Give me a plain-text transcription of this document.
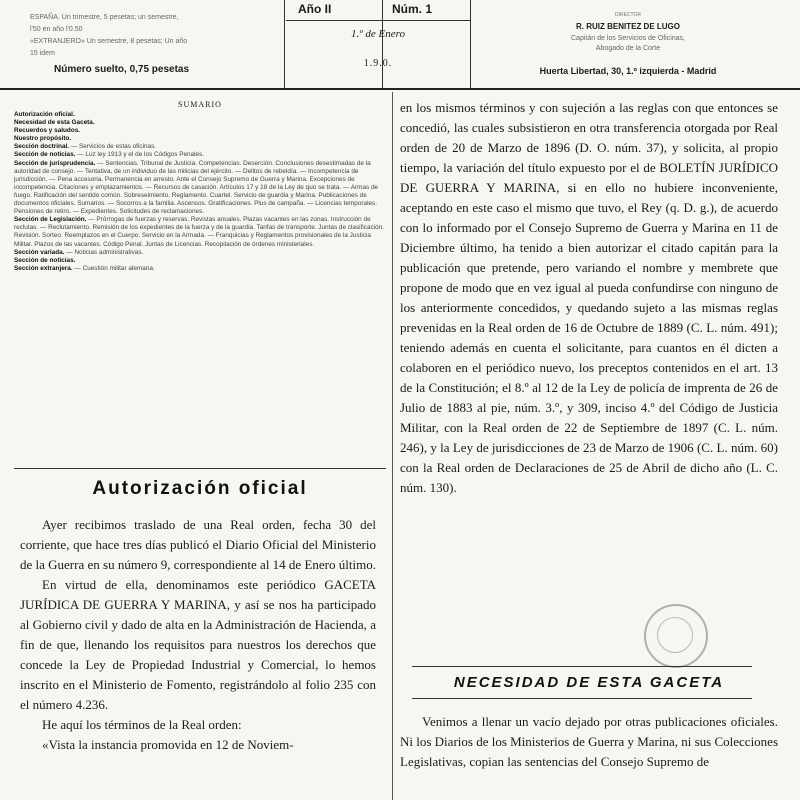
ESPAÑA. Un trimestre, 5 pesetas; un semestre,
l'50 en año l'0.50
«EXTRANJERO» Un semestre, 8 pesetas; Un año
15 idem
Número suelto, 0,75 pesetas
Año II	Núm. 1
1.º de Enero
1.9.0.
DIRECTOR
R. RUIZ BENITEZ DE LUGO
Capitán de los Servicios de Oficinas,
Abogado de la Corte
Huerta Libertad, 30, 1.º izquierda - Madrid
SUMARIO

Autorización oficial.

Necesidad de esta Gaceta.

Recuerdos y saludos.

Nuestro propósito.

Sección doctrinal. — Servicios de estas oficinas.

Sección de noticias. — Luz ley 1913 y el de los Códigos Penales.

Sección de jurisprudencia. — Sentencias. Tribunal de Justicia. Competencias. Deserción. Conclusiones desestimadas de la autoridad de consejo. — Tentativa, de un individuo de las milicias del ejército. — Delitos de rebeldía. — Incompetencia de jurisdicción. — Pena accesoria. Permanencia en arresto. Ante el Consejo Supremo de Guerra y Marina. Excepciones de incompetencia. Citaciones y emplazamientos. — Recursos de casación. Artículos 17 y 18 de la Ley de quo se trata. — Armas de fuego. Ratificación del sentido común. Sobreseimiento. Reglamento. Cuartel. Servicio de guardia y Marina. Publicaciones de documentos oficiales. Sumarios. — Socorros a la familia. Ascensos. Gratificaciones. Plus de campaña. — Licencias temporales. Pensiones de retiro. — Expedientes. Solicitudes de reclamaciones.

Sección de Legislación. — Prórrogas de fuerzas y reservas. Revistas anuales. Plazas vacantes en las zonas. Instrucción de reclutas. — Reclutamiento. Remisión de los expedientes de la fuerza y de la guardia. Tarifas de transporte. Juntas de clasificación. Revisión. Sorteo. Reemplazos en el Cuerpo. Servicio en la Armada. — Franquicias y Reglamentos provisionales de la Justicia Militar. Plazos de las vacantes. Código Penal. Juntas de Licencias. Recopilación de órdenes ministeriales.

Sección variada. — Noticias administrativas.

Sección de noticias.

Sección extranjera. — Cuestión militar alemana.

Autorización oficial

Ayer recibimos traslado de una Real orden, fecha 30 del corriente, que hace tres días publicó el Diario Oficial del Ministerio de la Guerra en su número 9, correspondiente al 14 de Enero último.

En virtud de ella, denominamos este periódico GACETA JURÍDICA DE GUERRA Y MARINA, y así se nos ha participado al Gobierno civil y dado de alta en la Administración de Hacienda, a fin de que, llenando los requisitos para nuestros los derechos que concede la Ley de Propiedad Industrial y Comercial, lo hemos inscrito en el Ministerio de Fomento, registrándolo al folio 235 con el número 4.236.

He aquí los términos de la Real orden:

«Vista la instancia promovida en 12 de Noviem-

en los mismos términos y con sujeción a las reglas con que entonces se concedió, las cuales subsistieron en otra transferencia otorgada por Real orden de 20 de Marzo de 1896 (D. O. núm. 37), y solicita, al propio tiempo, la variación del título expuesto por el de BOLETÍN JURÍDICO DE GUERRA Y MARINA, si en ello no hubiere inconveniente, aceptando en este caso el mismo que tuvo, el Rey (q. D. g.), de acuerdo con lo informado por el Consejo Supremo de Guerra y Marina en 11 de Diciembre último, ha tenido a bien autorizar el citado capitán para la publicación que pretende, pero variando el nombre y membrete que propone de modo que en vez igual al pueda confundirse con ninguno de los anteriormente concedidos, y quedando sujeto a las mismas reglas prevenidas en la Real orden de 16 de Octubre de 1889 (C. L. núm. 491); teniendo además en cuenta el solicitante, para cuantos en él dicten a colaboren en el periódico nuevo, los preceptos contenidos en el art. 13 de la Constitución; el 8.º al 12 de la Ley de policía de imprenta de 26 de Julio de 1883 al pie, núm. 3.º, y 309, inciso 4.º del Código de Justicia Militar, con la Real orden de 22 de Septiembre de 1897 (C. L. núm. 246), y la Ley de jurisdicciones de 23 de Marzo de 1906 (C. L. núm. 60) con la Real orden de Declaraciones de 25 de Abril de dicho año (L. C. núm. 130).

NECESIDAD DE ESTA GACETA

Venimos a llenar un vacío dejado por otras publicaciones oficiales. Ni los Diarios de los Ministerios de Guerra y Marina, ni sus Colecciones Legislativas, copian las sentencias del Consejo Supremo de
